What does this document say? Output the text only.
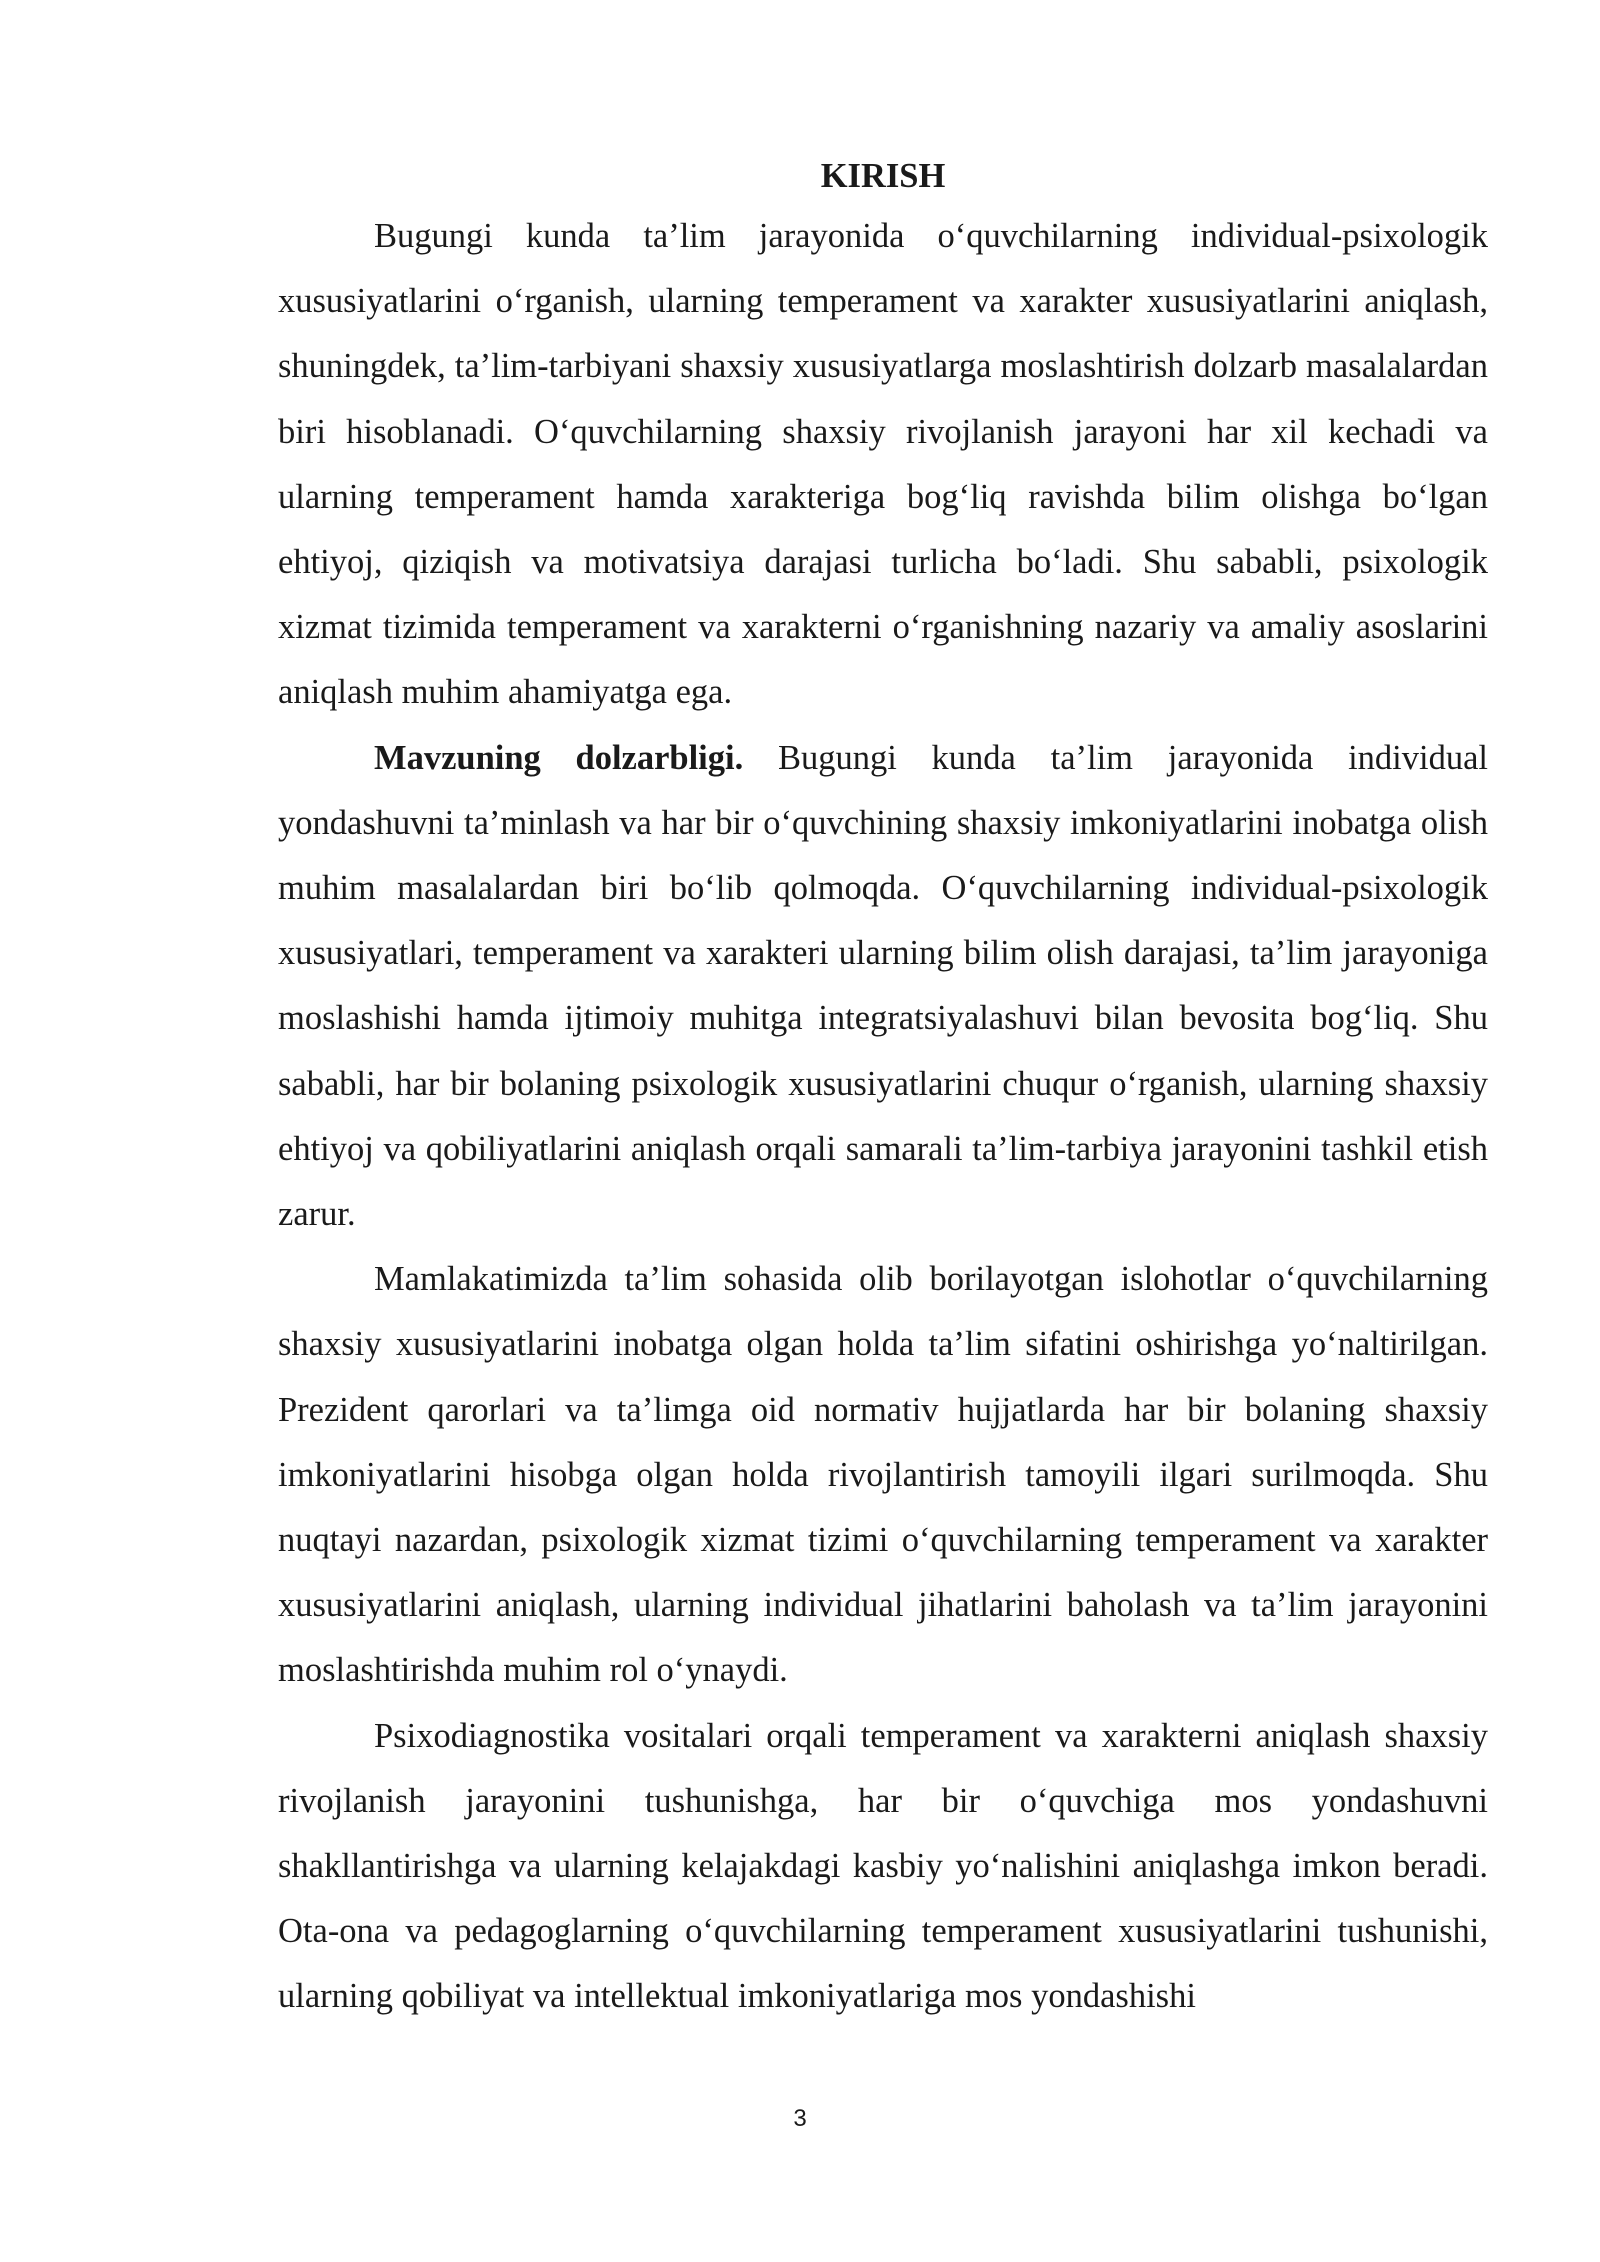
KIRISH

Bugungi kunda ta’lim jarayonida o‘quvchilarning individual-psixologik xususiyatlarini o‘rganish, ularning temperament va xarakter xususiyatlarini aniqlash, shuningdek, ta’lim-tarbiyani shaxsiy xususiyatlarga moslashtirish dolzarb masalalardan biri hisoblanadi. O‘quvchilarning shaxsiy rivojlanish jarayoni har xil kechadi va ularning temperament hamda xarakteriga bog‘liq ravishda bilim olishga bo‘lgan ehtiyoj, qiziqish va motivatsiya darajasi turlicha bo‘ladi. Shu sababli, psixologik xizmat tizimida temperament va xarakterni o‘rganishning nazariy va amaliy asoslarini aniqlash muhim ahamiyatga ega.

Mavzuning dolzarbligi. Bugungi kunda ta’lim jarayonida individual yondashuvni ta’minlash va har bir o‘quvchining shaxsiy imkoniyatlarini inobatga olish muhim masalalardan biri bo‘lib qolmoqda. O‘quvchilarning individual-psixologik xususiyatlari, temperament va xarakteri ularning bilim olish darajasi, ta’lim jarayoniga moslashishi hamda ijtimoiy muhitga integratsiyalashuvi bilan bevosita bog‘liq. Shu sababli, har bir bolaning psixologik xususiyatlarini chuqur o‘rganish, ularning shaxsiy ehtiyoj va qobiliyatlarini aniqlash orqali samarali ta’lim-tarbiya jarayonini tashkil etish zarur.

Mamlakatimizda ta’lim sohasida olib borilayotgan islohotlar o‘quvchilarning shaxsiy xususiyatlarini inobatga olgan holda ta’lim sifatini oshirishga yo‘naltirilgan. Prezident qarorlari va ta’limga oid normativ hujjatlarda har bir bolaning shaxsiy imkoniyatlarini hisobga olgan holda rivojlantirish tamoyili ilgari surilmoqda. Shu nuqtayi nazardan, psixologik xizmat tizimi o‘quvchilarning temperament va xarakter xususiyatlarini aniqlash, ularning individual jihatlarini baholash va ta’lim jarayonini moslashtirishda muhim rol o‘ynaydi.

Psixodiagnostika vositalari orqali temperament va xarakterni aniqlash shaxsiy rivojlanish jarayonini tushunishga, har bir o‘quvchiga mos yondashuvni shakllantirishga va ularning kelajakdagi kasbiy yo‘nalishini aniqlashga imkon beradi. Ota-ona va pedagoglarning o‘quvchilarning temperament xususiyatlarini tushunishi, ularning qobiliyat va intellektual imkoniyatlariga mos yondashishi

3
